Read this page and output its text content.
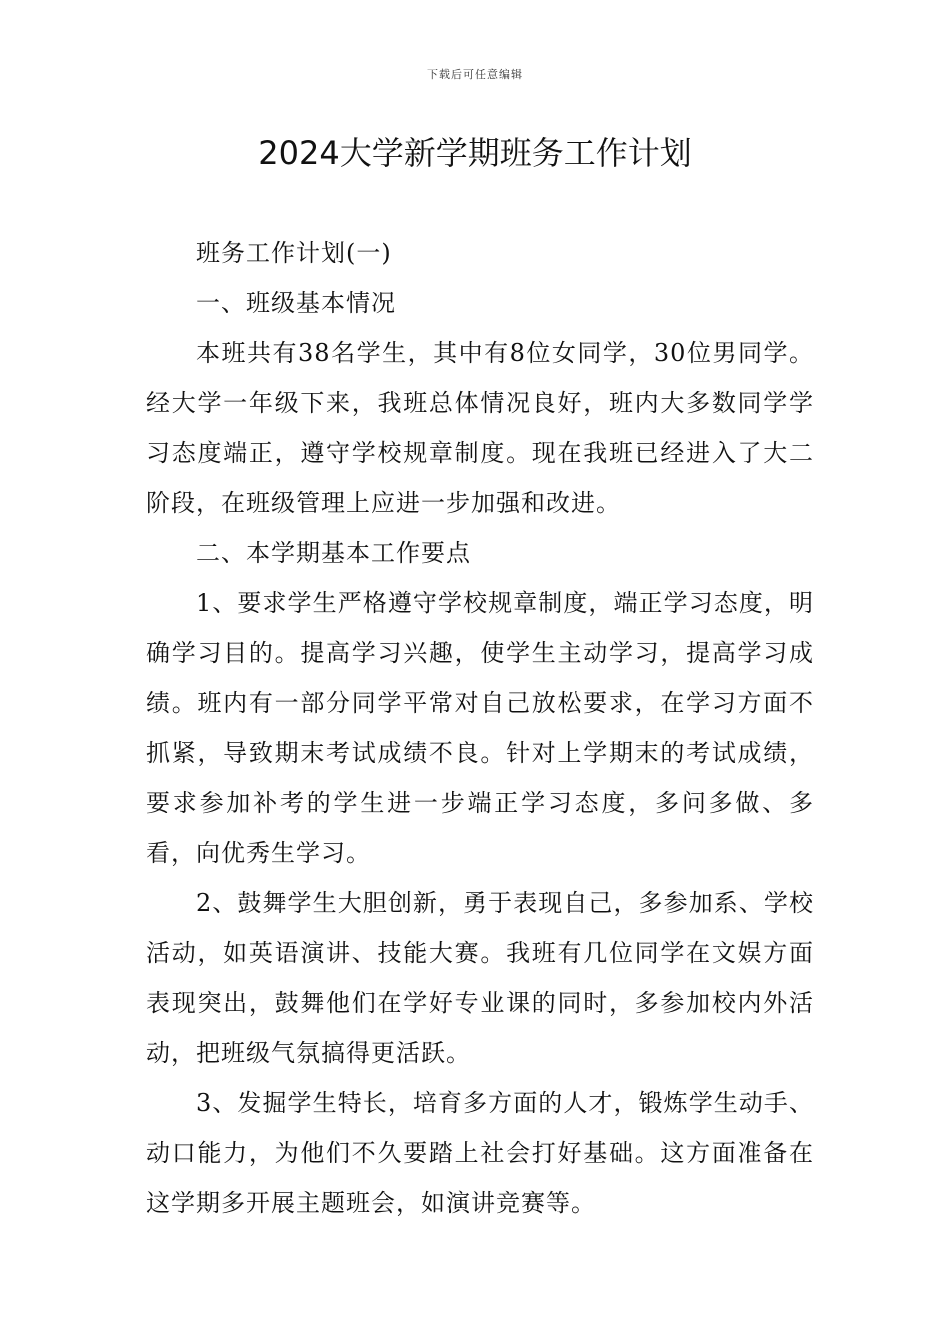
下载后可任意编辑
2024大学新学期班务工作计划

班务工作计划(一)

一、班级基本情况

本班共有38名学生，其中有8位女同学，30位男同学。经大学一年级下来，我班总体情况良好，班内大多数同学学习态度端正，遵守学校规章制度。现在我班已经进入了大二阶段，在班级管理上应进一步加强和改进。

二、本学期基本工作要点

1、要求学生严格遵守学校规章制度，端正学习态度，明确学习目的。提高学习兴趣，使学生主动学习，提高学习成绩。班内有一部分同学平常对自己放松要求，在学习方面不抓紧，导致期末考试成绩不良。针对上学期末的考试成绩，要求参加补考的学生进一步端正学习态度，多问多做、多看，向优秀生学习。

2、鼓舞学生大胆创新，勇于表现自己，多参加系、学校活动，如英语演讲、技能大赛。我班有几位同学在文娱方面表现突出，鼓舞他们在学好专业课的同时，多参加校内外活动，把班级气氛搞得更活跃。

3、发掘学生特长，培育多方面的人才，锻炼学生动手、动口能力，为他们不久要踏上社会打好基础。这方面准备在这学期多开展主题班会，如演讲竞赛等。
